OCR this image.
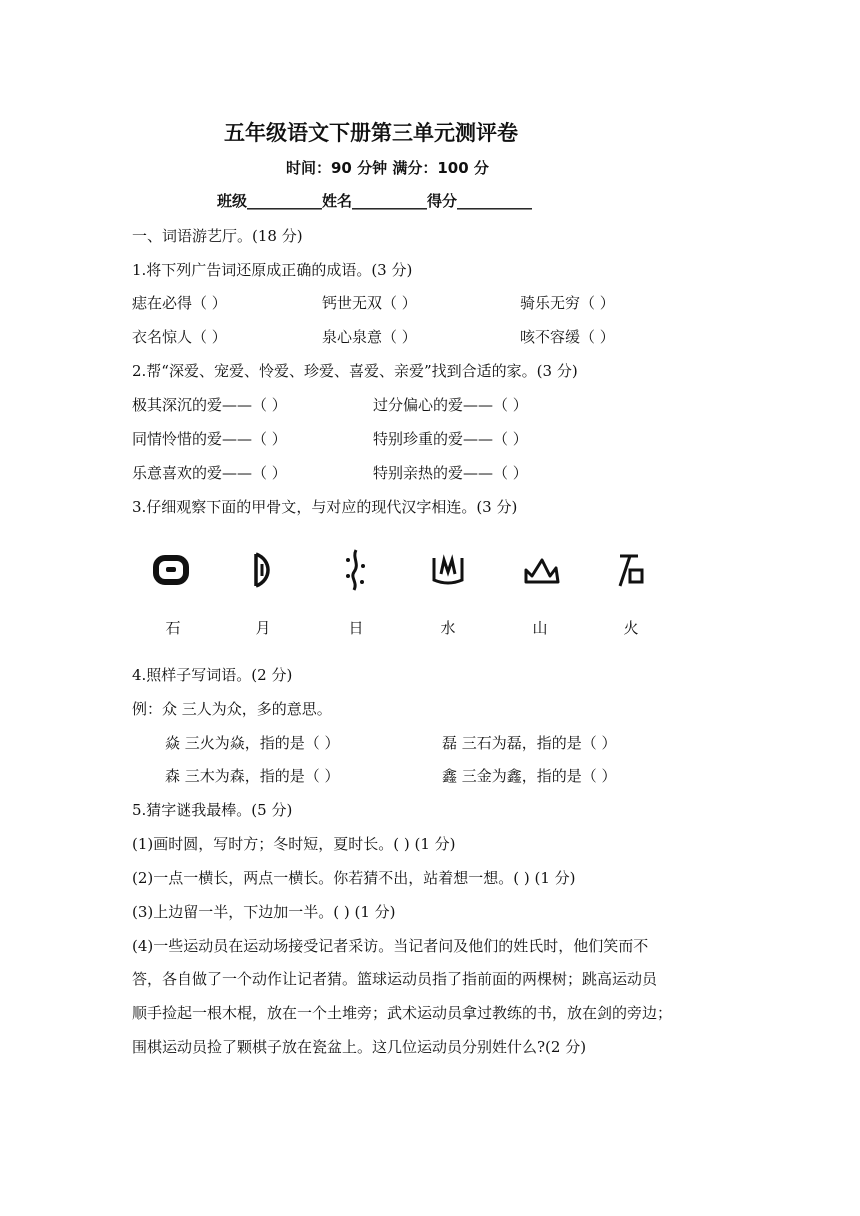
五年级语文下册第三单元测评卷
时间：90 分钟 满分：100 分
班级__________姓名__________得分__________
一、词语游艺厅。(18 分)
1.将下列广告词还原成正确的成语。(3 分)
痣在必得（ ）	钙世无双（ ）	骑乐无穷（ ）
衣名惊人（ ）	泉心泉意（ ）	咳不容缓（ ）
2.帮“深爱、宠爱、怜爱、珍爱、喜爱、亲爱”找到合适的家。(3 分)
极其深沉的爱——（ ）	过分偏心的爱——（ ）
同情怜惜的爱——（ ）	特别珍重的爱——（ ）
乐意喜欢的爱——（ ）	特别亲热的爱——（ ）
3.仔细观察下面的甲骨文，与对应的现代汉字相连。(3 分)
石	月	日	水	山	火
4.照样子写词语。(2 分)
例：众 三人为众，多的意思。
焱 三火为焱，指的是（ ）	磊 三石为磊，指的是（ ）
森 三木为森，指的是（ ）	鑫 三金为鑫，指的是（ ）
5.猜字谜我最棒。(5 分)
(1)画时圆，写时方；冬时短，夏时长。( ) (1 分)
(2)一点一横长，两点一横长。你若猜不出，站着想一想。( ) (1 分)
(3)上边留一半，下边加一半。( ) (1 分)
(4)一些运动员在运动场接受记者采访。当记者问及他们的姓氏时，他们笑而不
答，各自做了一个动作让记者猜。篮球运动员指了指前面的两棵树；跳高运动员
顺手捡起一根木棍，放在一个土堆旁；武术运动员拿过教练的书，放在剑的旁边；
围棋运动员捡了颗棋子放在瓷盆上。这几位运动员分别姓什么?(2 分)
